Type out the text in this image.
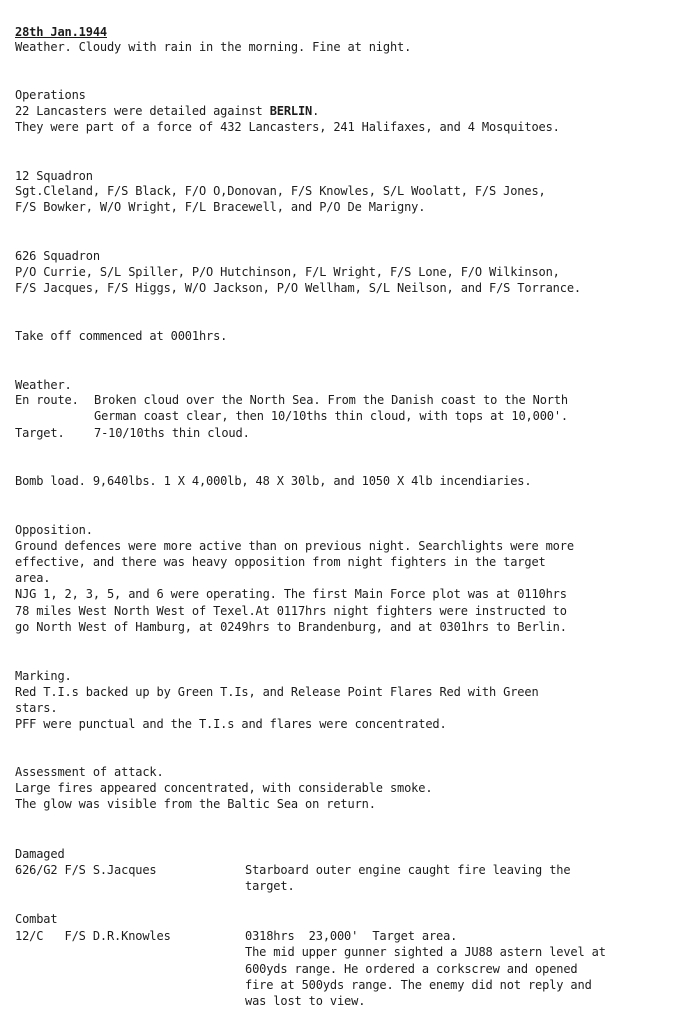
28th Jan.1944
Weather. Cloudy with rain in the morning. Fine at night.
Operations
22 Lancasters were detailed against BERLIN.
They were part of a force of 432 Lancasters, 241 Halifaxes, and 4 Mosquitoes.
12 Squadron
Sgt.Cleland, F/S Black, F/O O,Donovan, F/S Knowles, S/L Woolatt, F/S Jones,
F/S Bowker, W/O Wright, F/L Bracewell, and P/O De Marigny.
626 Squadron
P/O Currie, S/L Spiller, P/O Hutchinson, F/L Wright, F/S Lone, F/O Wilkinson,
F/S Jacques, F/S Higgs, W/O Jackson, P/O Wellham, S/L Neilson, and F/S Torrance.
Take off commenced at 0001hrs.
Weather.
En route. Broken cloud over the North Sea. From the Danish coast to the North
German coast clear, then 10/10ths thin cloud, with tops at 10,000'.
Target. 7-10/10ths thin cloud.
Bomb load. 9,640lbs. 1 X 4,000lb, 48 X 30lb, and 1050 X 4lb incendiaries.
Opposition.
Ground defences were more active than on previous night. Searchlights were more
effective, and there was heavy opposition from night fighters in the target
area.
NJG 1, 2, 3, 5, and 6 were operating. The first Main Force plot was at 0110hrs
78 miles West North West of Texel.At 0117hrs night fighters were instructed to
go North West of Hamburg, at 0249hrs to Brandenburg, and at 0301hrs to Berlin.
Marking.
Red T.I.s backed up by Green T.Is, and Release Point Flares Red with Green
stars.
PFF were punctual and the T.I.s and flares were concentrated.
Assessment of attack.
Large fires appeared concentrated, with considerable smoke.
The glow was visible from the Baltic Sea on return.
Damaged
626/G2 F/S S.Jacques	Starboard outer engine caught fire leaving the
target.
Combat
12/C   F/S D.R.Knowles	0318hrs  23,000'  Target area.
The mid upper gunner sighted a JU88 astern level at
600yds range. He ordered a corkscrew and opened
fire at 500yds range. The enemy did not reply and
was lost to view.
